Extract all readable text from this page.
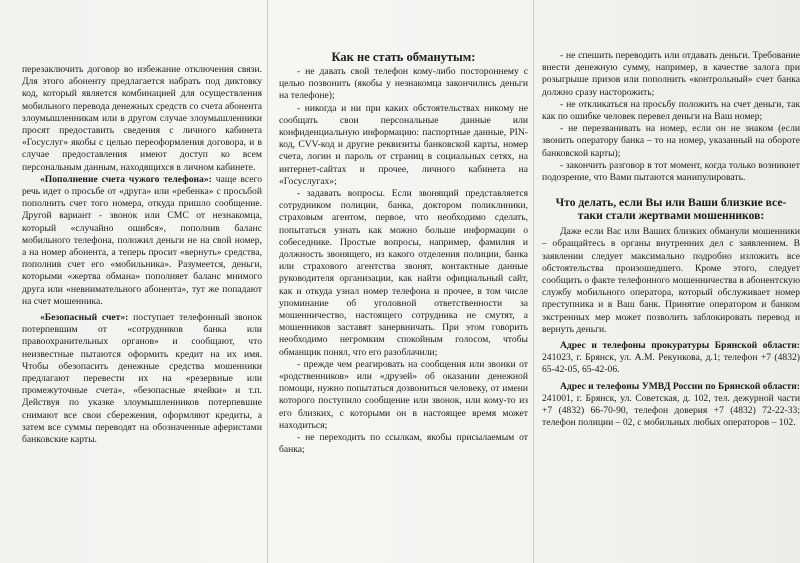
перезаключить договор во избежание отключения связи. Для этого абоненту предлагается набрать под диктовку код, который является комбинацией для осуществления мобильного перевода денежных средств со счета абонента злоумышленникам или в другом случае злоумышленники просят предоставить сведения с личного кабинета «Госуслуг» якобы с целью переоформления договора, и в случае предоставления имеют доступ ко всем персональным данным, находящихся в личном кабинете.

«Пополнение счета чужого телефона»: чаще всего речь идет о просьбе от «друга» или «ребенка» с просьбой пополнить счет того номера, откуда пришло сообщение. Другой вариант - звонок или СМС от незнакомца, который «случайно ошибся», пополнив баланс мобильного телефона, положил деньги не на свой номер, а на номер абонента, а теперь просит «вернуть» средства, пополнив счет его «мобильника». Разумеется, деньги, которыми «жертва обмана» пополняет баланс мнимого друга или «невнимательного абонента», тут же попадают на счет мошенника.

«Безопасный счет»: поступает телефонный звонок потерпевшим от «сотрудников банка или правоохранительных органов» и сообщают, что неизвестные пытаются оформить кредит на их имя. Чтобы обезопасить денежные средства мошенники предлагают перевести их на «резервные или промежуточные счета», «безопасные ячейки» и т.п. Действуя по указке злоумышленников потерпевшие снимают все свои сбережения, оформляют кредиты, а затем все суммы переводят на обозначенные аферистами банковские карты.

Как не стать обманутым:

- не давать свой телефон кому-либо постороннему с целью позвонить (якобы у незнакомца закончились деньги на телефоне);

- никогда и ни при каких обстоятельствах никому не сообщать свои персональные данные или конфиденциальную информацию: паспортные данные, PIN-код, CVV-код и другие реквизиты банковской карты, номер счета, логин и пароль от страниц в социальных сетях, на интернет-сайтах и прочее, личного кабинета на «Госуслугах»;

- задавать вопросы. Если звонящий представляется сотрудником полиции, банка, доктором поликлиники, страховым агентом, первое, что необходимо сделать, попытаться узнать как можно больше информации о собеседнике. Простые вопросы, например, фамилия и должность звонящего, из какого отделения полиции, банка или страхового агентства звонят, контактные данные руководителя организации, как найти официальный сайт, как и откуда узнал номер телефона и прочее, в том числе упоминание об уголовной ответственности за мошенничество, настоящего сотрудника не смутят, а мошенников заставят занервничать. При этом говорить необходимо негромким спокойным голосом, чтобы обманщик понял, что его разоблачили;

- прежде чем реагировать на сообщения или звонки от «родственников» или «друзей» об оказании денежной помощи, нужно попытаться дозвониться человеку, от имени которого поступило сообщение или звонок, или кому-то из его близких, с которыми он в настоящее время может находиться;

- не переходить по ссылкам, якобы присылаемым от банка;

- не спешить переводить или отдавать деньги. Требование внести денежную сумму, например, в качестве залога при розыгрыше призов или пополнить «контрольный» счет банка должно сразу насторожить;

- не откликаться на просьбу положить на счет деньги, так как по ошибке человек перевел деньги на Ваш номер;

- не перезванивать на номер, если он не знаком (если звонить оператору банка – то на номер, указанный на обороте банковской карты);

- закончить разговор в тот момент, когда только возникнет подозрение, что Вами пытаются манипулировать.

Что делать, если Вы или Ваши близкие все-таки стали жертвами мошенников:

Даже если Вас или Ваших близких обманули мошенники – обращайтесь в органы внутренних дел с заявлением. В заявлении следует максимально подробно изложить все обстоятельства произошедшего. Кроме этого, следует сообщить о факте телефонного мошенничества в абонентскую службу мобильного оператора, который обслуживает номер преступника и в Ваш банк. Принятие оператором и банком экстренных мер может позволить заблокировать перевод и вернуть деньги.

Адрес и телефоны прокуратуры Брянской области: 241023, г. Брянск, ул. А.М. Рекункова, д.1; телефон +7 (4832) 65-42-05, 65-42-06.

Адрес и телефоны УМВД России по Брянской области: 241001, г. Брянск, ул. Советская, д. 102, тел. дежурной части +7 (4832) 66-70-90, телефон доверия +7 (4832) 72-22-33; телефон полиции – 02, с мобильных любых операторов – 102.
